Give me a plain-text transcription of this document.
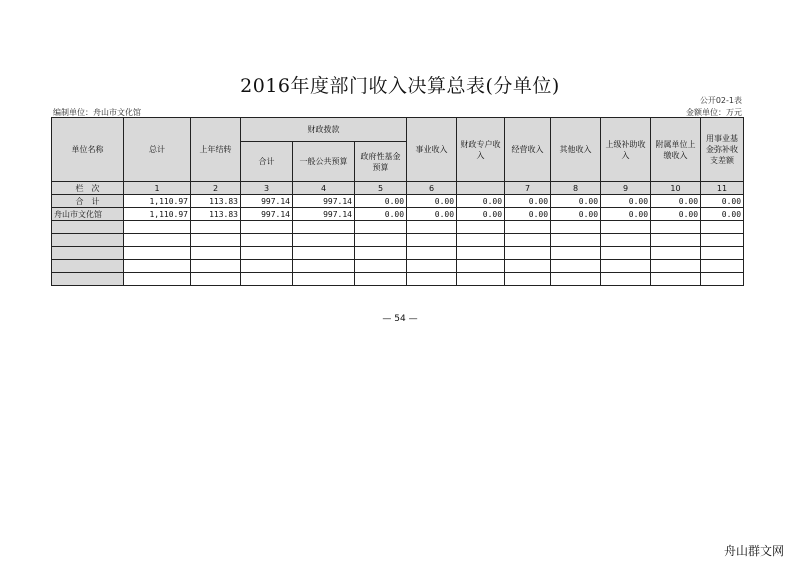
2016年度部门收入决算总表(分单位)
公开02-1表
编制单位：舟山市文化馆	金额单位：万元
单位名称	总计	上年结转	财政拨款			事业收入	财政专户收入	经营收入	其他收入	上级补助收入	附属单位上缴收入	用事业基金弥补收支差额
			合计	一般公共预算	政府性基金预算							
栏　次	1	2	3	4	5	6		7	8	9	10	11
合　计	1,110.97	113.83	997.14	997.14	0.00	0.00	0.00	0.00	0.00	0.00	0.00	0.00
舟山市文化馆	1,110.97	113.83	997.14	997.14	0.00	0.00	0.00	0.00	0.00	0.00	0.00	0.00

— 54 —
舟山群文网
